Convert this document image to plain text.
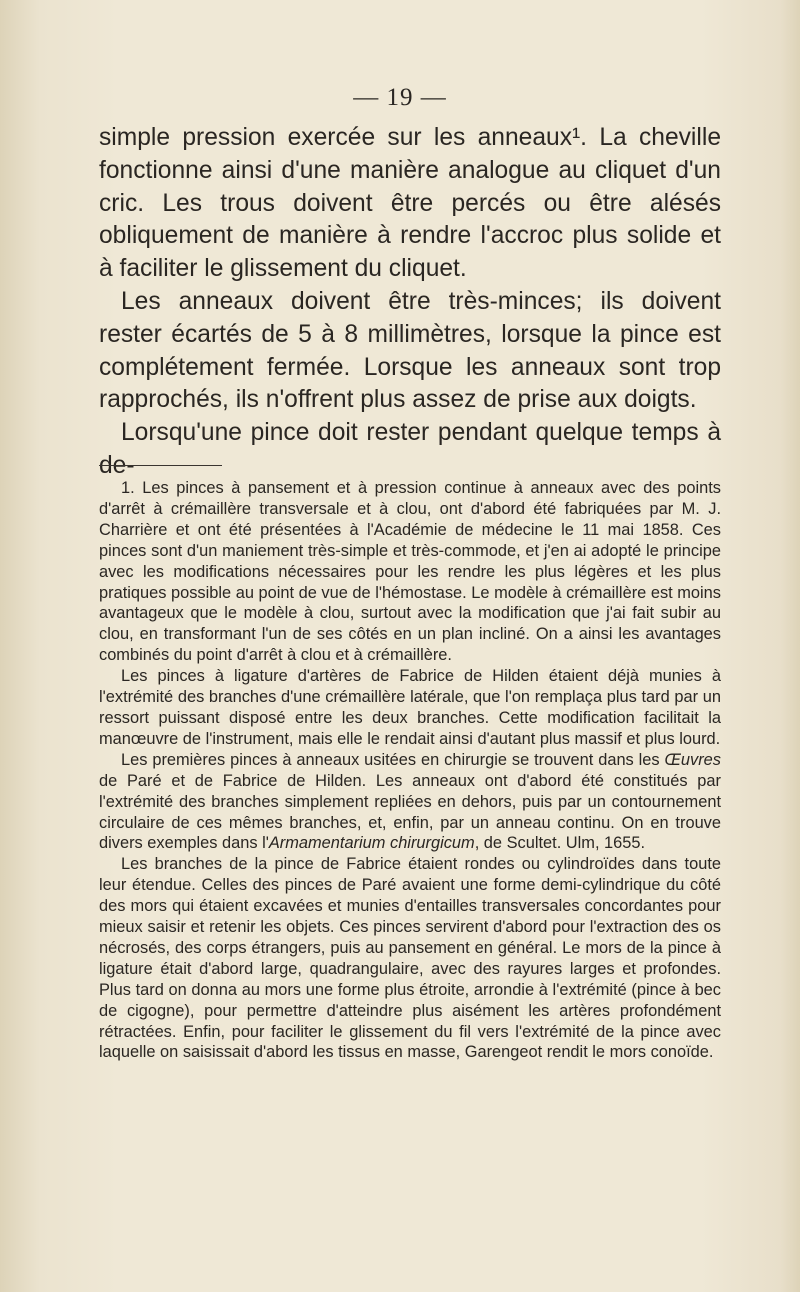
— 19 —

simple pression exercée sur les anneaux¹. La cheville fonctionne ainsi d'une manière analogue au cliquet d'un cric. Les trous doivent être percés ou être alésés obliquement de manière à rendre l'accroc plus solide et à faciliter le glissement du cliquet.

Les anneaux doivent être très-minces; ils doivent rester écartés de 5 à 8 millimètres, lorsque la pince est complétement fermée. Lorsque les anneaux sont trop rapprochés, ils n'offrent plus assez de prise aux doigts.

Lorsqu'une pince doit rester pendant quelque temps à de-

1. Les pinces à pansement et à pression continue à anneaux avec des points d'arrêt à crémaillère transversale et à clou, ont d'abord été fabriquées par M. J. Charrière et ont été présentées à l'Académie de médecine le 11 mai 1858. Ces pinces sont d'un maniement très-simple et très-commode, et j'en ai adopté le principe avec les modifications nécessaires pour les rendre les plus légères et les plus pratiques possible au point de vue de l'hémostase. Le modèle à crémaillère est moins avantageux que le modèle à clou, surtout avec la modification que j'ai fait subir au clou, en transformant l'un de ses côtés en un plan incliné. On a ainsi les avantages combinés du point d'arrêt à clou et à crémaillère.

Les pinces à ligature d'artères de Fabrice de Hilden étaient déjà munies à l'extrémité des branches d'une crémaillère latérale, que l'on remplaça plus tard par un ressort puissant disposé entre les deux branches. Cette modification facilitait la manœuvre de l'instrument, mais elle le rendait ainsi d'autant plus massif et plus lourd.

Les premières pinces à anneaux usitées en chirurgie se trouvent dans les Œuvres de Paré et de Fabrice de Hilden. Les anneaux ont d'abord été constitués par l'extrémité des branches simplement repliées en dehors, puis par un contournement circulaire de ces mêmes branches, et, enfin, par un anneau continu. On en trouve divers exemples dans l'Armamentarium chirurgicum, de Scultet. Ulm, 1655.

Les branches de la pince de Fabrice étaient rondes ou cylindroïdes dans toute leur étendue. Celles des pinces de Paré avaient une forme demi-cylindrique du côté des mors qui étaient excavées et munies d'entailles transversales concordantes pour mieux saisir et retenir les objets. Ces pinces servirent d'abord pour l'extraction des os nécrosés, des corps étrangers, puis au pansement en général. Le mors de la pince à ligature était d'abord large, quadrangulaire, avec des rayures larges et profondes. Plus tard on donna au mors une forme plus étroite, arrondie à l'extrémité (pince à bec de cigogne), pour permettre d'atteindre plus aisément les artères profondément rétractées. Enfin, pour faciliter le glissement du fil vers l'extrémité de la pince avec laquelle on saisissait d'abord les tissus en masse, Garengeot rendit le mors conoïde.
